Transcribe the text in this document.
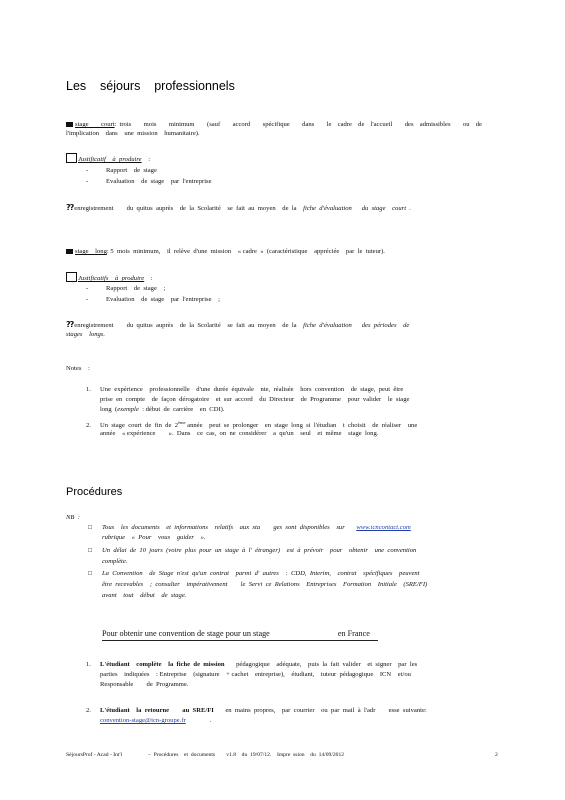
Les    séjours    professionnels
stage    court: trois    mois    minimum    (sauf    accord    spécifique    dans    le  cadre  de  l'accueil    des  admissibles    ou  de
l'implication    dans    une  mission    humanitaire).
Justificatif    à  produire :
-	Rapport    de  stage
-	Evaluation    de  stage    par  l'entreprise
??enregistrement        du  quitus  auprès    de  la  Scolarité    se  fait  au  moyen    de  la fiche  d'évaluation du  stage    court  .
stage    long: 5  mois  minimum,    il  relève  d'une  mission    « cadre  »  (caractéristique    appréciée    par  le  tuteur).
Justificatifs    à  produire :
-	Rapport    de  stage    ;
-	Evaluation    de  stage    par  l'entreprise    ;
??enregistrement        du  quitus  auprès    de  la  Scolarité    se  fait  au  moyen    de  la fiche  d'évaluation des  périodes    de
stages    longs.
Notes    :
1. Une  expérience    professionnelle    d'une  durée  équivale    nte,  réalisée    hors  convention    de  stage,  peut  être
prise  en  compte    de  façon  dérogatoire    et  sur  accord    du  Directeur    de  Programme    pour  valider    le  stage
long  (exemple  : début  de  carrière    en  CDI).
2. Un  stage  court  de  fin  de  2ème année    peut  se  prolonger    en  stage  long  si  l'étudian    t  choisit    de  réaliser    une
année    « expérience        ».  Dans    ce  cas,  on  ne  considérer    a  qu'un    seul    et  même    stage  long.
Procédures
NB  :
□ Tous    les  documents    et  informations    relatifs    aux  sta        ges  sont  disponibles    sur www.icncontact.com
rubrique    «  Pour    vous    guider    ».
□ Un  délai  de  10  jours  (voire  plus  pour  un  stage  à  l'  étranger)    est  à  prévoir    pour    obtenir    une  convention
complète.
□ La  Convention    de  Stage  n'est  qu'un  contrat    parmi  d'  autres    :  CDD,  Interim,    contrat    spécifiques    peuvent
être  recevables    ;  consulter    impérativement        le  Servi  ce  Relations    Entreprises    Formation    Initiale    (SRE/FI)
avant    tout    début    de  stage.
Pour obtenir une convention de stage pour un stage	en France
1. L'étudiant    complète    la  fiche  de  mission pédagogique    adéquate,    puis  la  fait  valider    et  signer    par  les
parties    indiquées    : Entreprise    (signature    + cachet    entreprise),    étudiant,    tuteur  pédagogique    ICN    et/ou
Responsable        de  Programme.
2. L'étudiant    la  retourne        au  SRE/FI en  mains  propres,    par  courrier    ou  par  mail  à  l'adr        esse  suivante:
convention-stage@icn-groupe.fr	.
SéjoursProf - Acad - Int'l	–  Procédures    et  documents        v1.8    du  19/07/12.    Impre  ssion    du  14/09/2012	2
